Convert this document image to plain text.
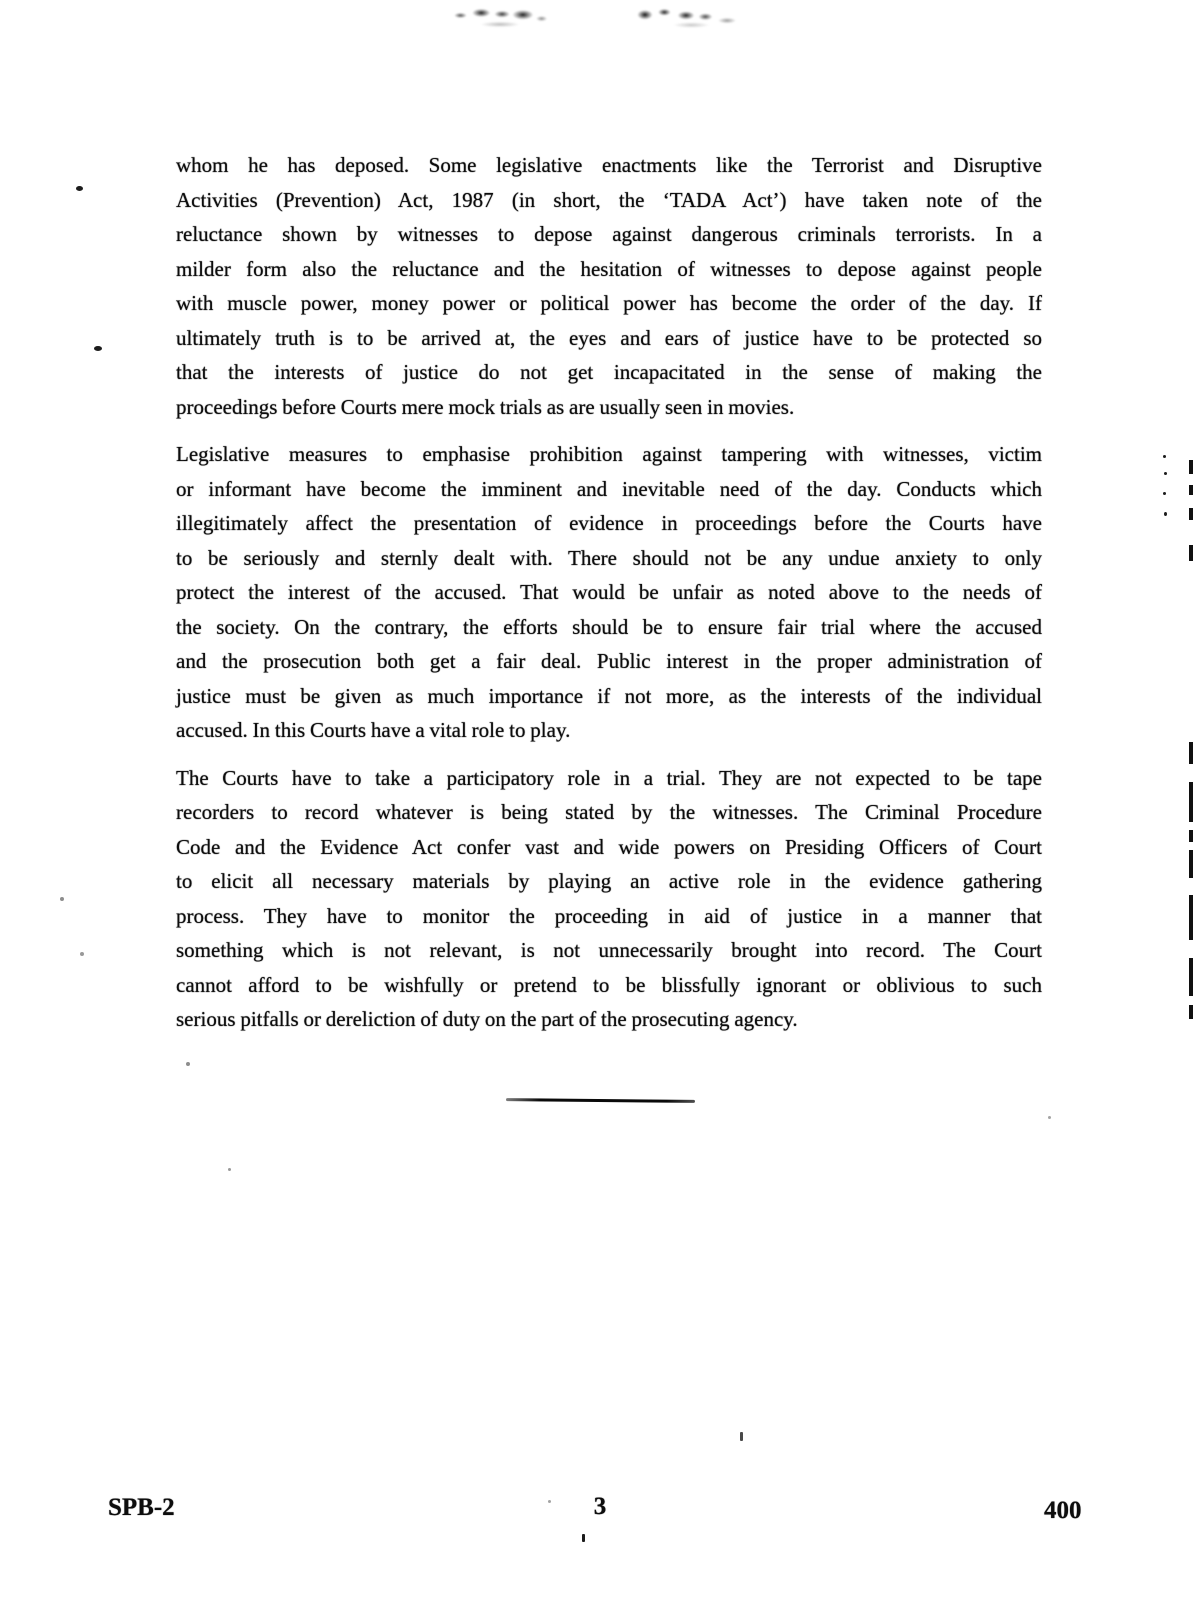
whom he has deposed. Some legislative enactments like the Terrorist and Disruptive
Activities (Prevention) Act, 1987 (in short, the ‘TADA Act’) have taken note of the
reluctance shown by witnesses to depose against dangerous criminals terrorists. In a
milder form also the reluctance and the hesitation of witnesses to depose against people
with muscle power, money power or political power has become the order of the day. If
ultimately truth is to be arrived at, the eyes and ears of justice have to be protected so
that the interests of justice do not get incapacitated in the sense of making the
proceedings before Courts mere mock trials as are usually seen in movies.
Legislative measures to emphasise prohibition against tampering with witnesses, victim
or informant have become the imminent and inevitable need of the day. Conducts which
illegitimately affect the presentation of evidence in proceedings before the Courts have
to be seriously and sternly dealt with. There should not be any undue anxiety to only
protect the interest of the accused. That would be unfair as noted above to the needs of
the society. On the contrary, the efforts should be to ensure fair trial where the accused
and the prosecution both get a fair deal. Public interest in the proper administration of
justice must be given as much importance if not more, as the interests of the individual
accused. In this Courts have a vital role to play.
The Courts have to take a participatory role in a trial. They are not expected to be tape
recorders to record whatever is being stated by the witnesses. The Criminal Procedure
Code and the Evidence Act confer vast and wide powers on Presiding Officers of Court
to elicit all necessary materials by playing an active role in the evidence gathering
process. They have to monitor the proceeding in aid of justice in a manner that
something which is not relevant, is not unnecessarily brought into record. The Court
cannot afford to be wishfully or pretend to be blissfully ignorant or oblivious to such
serious pitfalls or dereliction of duty on the part of the prosecuting agency.
SPB-2	3	400
